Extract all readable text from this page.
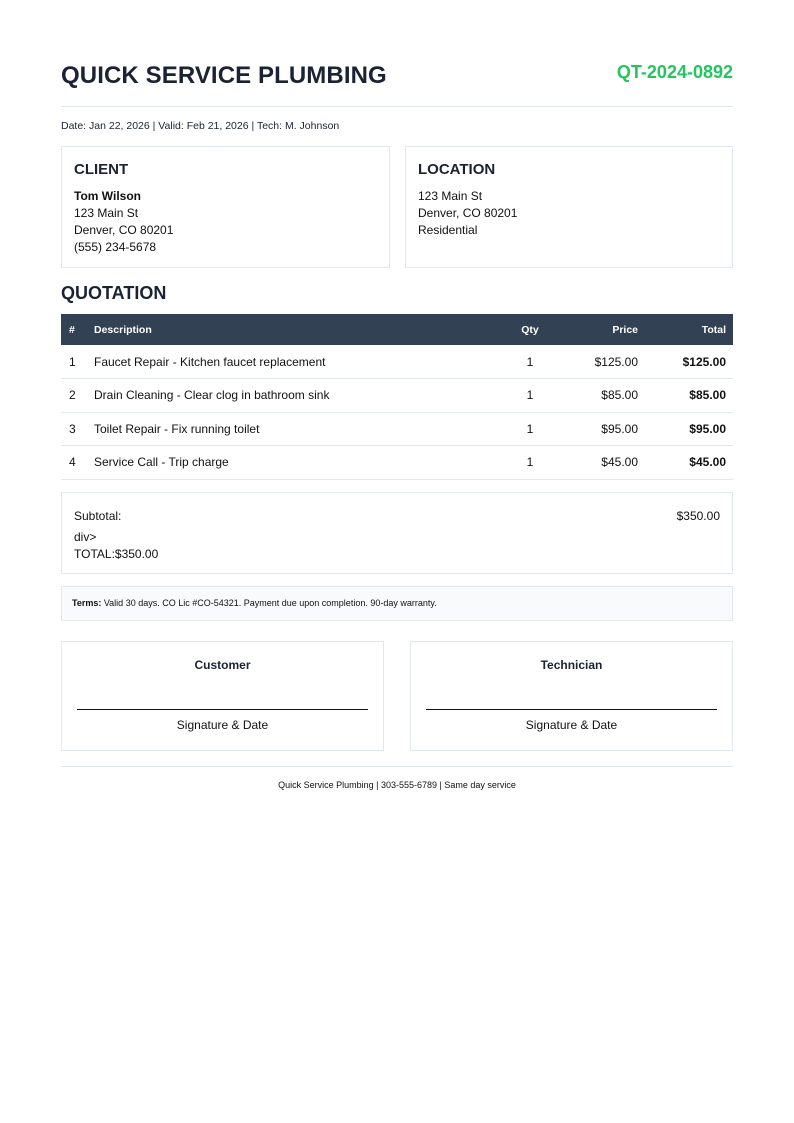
QUICK SERVICE PLUMBING	QT-2024-0892
Date: Jan 22, 2026 | Valid: Feb 21, 2026 | Tech: M. Johnson
CLIENT
Tom Wilson
123 Main St
Denver, CO 80201
(555) 234-5678
LOCATION
123 Main St
Denver, CO 80201
Residential
QUOTATION
#	Description	Qty	Price	Total
1	Faucet Repair - Kitchen faucet replacement	1	$125.00	$125.00
2	Drain Cleaning - Clear clog in bathroom sink	1	$85.00	$85.00
3	Toilet Repair - Fix running toilet	1	$95.00	$95.00
4	Service Call - Trip charge	1	$45.00	$45.00
Subtotal:	$350.00
div>
TOTAL:$350.00
Terms: Valid 30 days. CO Lic #CO-54321. Payment due upon completion. 90-day warranty.
Customer
Signature & Date
Technician
Signature & Date
Quick Service Plumbing | 303-555-6789 | Same day service
